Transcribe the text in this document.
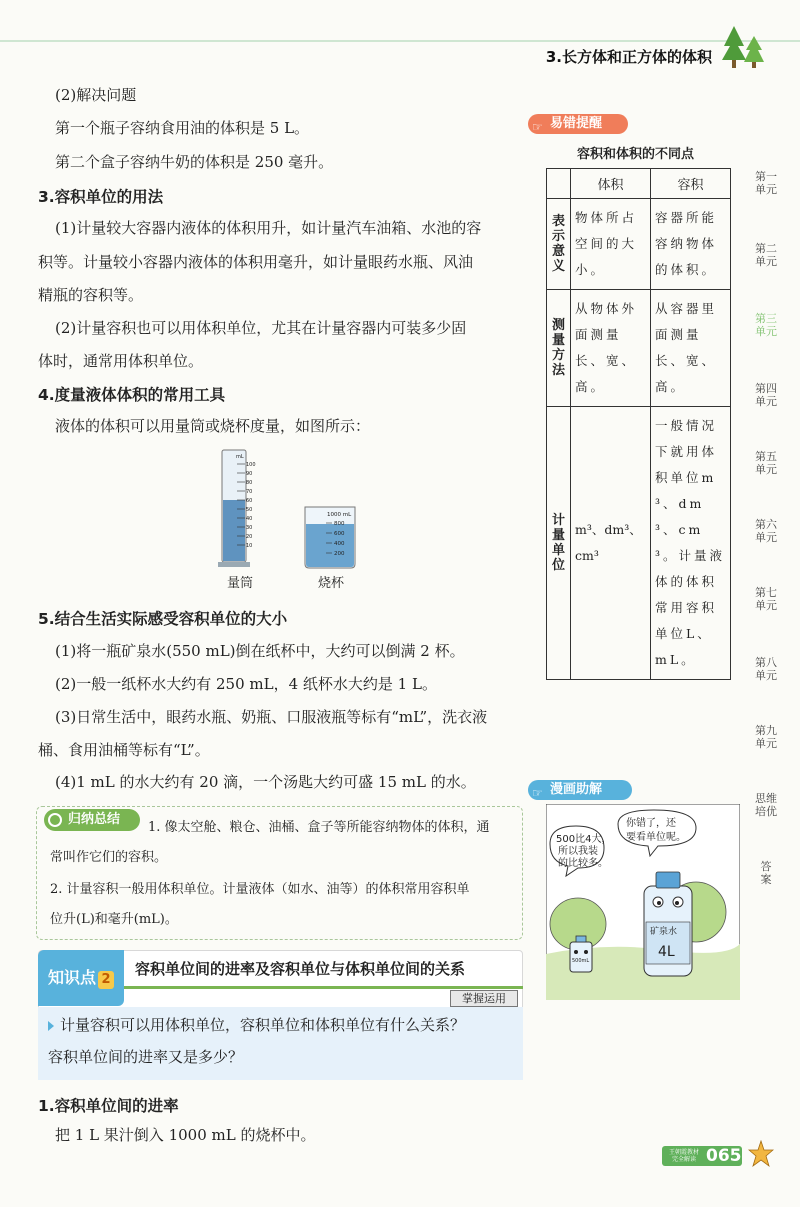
3.长方体和正方体的体积
(2)解决问题
第一个瓶子容纳食用油的体积是 5 L。
第二个盒子容纳牛奶的体积是 250 毫升。
3.容积单位的用法
(1)计量较大容器内液体的体积用升，如计量汽车油箱、水池的容
积等。计量较小容器内液体的体积用毫升，如计量眼药水瓶、风油
精瓶的容积等。
(2)计量容积也可以用体积单位，尤其在计量容器内可装多少固
体时，通常用体积单位。
4.度量液体体积的常用工具
液体的体积可以用量筒或烧杯度量，如图所示：
mL
100
90
80
70
60
50
40
30
20
10
1000 mL
800
600
400
200
量筒	烧杯
5.结合生活实际感受容积单位的大小
(1)将一瓶矿泉水(550 mL)倒在纸杯中，大约可以倒满 2 杯。
(2)一般一纸杯水大约有 250 mL，4 纸杯水大约是 1 L。
(3)日常生活中，眼药水瓶、奶瓶、口服液瓶等标有“mL”，洗衣液
桶、食用油桶等标有“L”。
(4)1 mL 的水大约有 20 滴，一个汤匙大约可盛 15 mL 的水。
归纳总结
1. 像太空舱、粮仓、油桶、盒子等所能容纳物体的体积，通
常叫作它们的容积。
2. 计量容积一般用体积单位。计量液体（如水、油等）的体积常用容积单
位升(L)和毫升(mL)。
知识点 2
容积单位间的进率及容积单位与体积单位间的关系
掌握运用
计量容积可以用体积单位，容积单位和体积单位有什么关系？
容积单位间的进率又是多少？
1.容积单位间的进率
把 1 L 果汁倒入 1000 mL 的烧杯中。
☞ 易错提醒
容积和体积的不同点
	体积	容积
表
示
意
义	物体所占空间的大小。	容器所能容纳物体的体积。
测
量
方
法	从物体外面测量长、宽、高。	从容器里面测量长、宽、高。
计
量
单
位	m³、dm³、cm³	一般情况下就用体积单位m³、dm³、cm³。计量液体的体积常用容积单位L、mL。
☞ 漫画助解
500比4大，
所以我装
的比较多。
你错了，还
要看单位呢。
500mL
矿泉水
4L
第一
单元
第二
单元
第三
单元
第四
单元
第五
单元
第六
单元
第七
单元
第八
单元
第九
单元
思维
培优
答
案
王朝霞教材
完全解读 065
